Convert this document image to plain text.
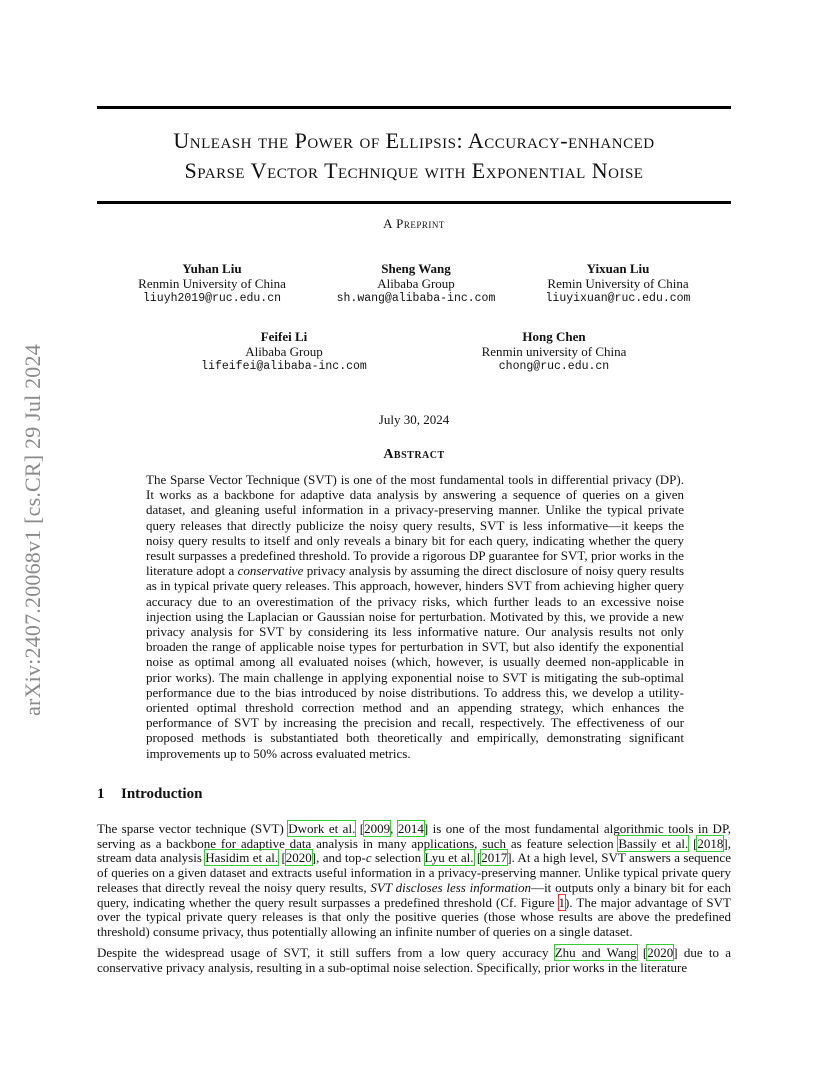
arXiv:2407.20068v1 [cs.CR] 29 Jul 2024
Unleash the Power of Ellipsis: Accuracy-enhanced
Sparse Vector Technique with Exponential Noise
A Preprint
Yuhan Liu
Renmin University of China
liuyh2019@ruc.edu.cn
Sheng Wang
Alibaba Group
sh.wang@alibaba-inc.com
Yixuan Liu
Remin University of China
liuyixuan@ruc.edu.com
Feifei Li
Alibaba Group
lifeifei@alibaba-inc.com
Hong Chen
Renmin university of China
chong@ruc.edu.cn
July 30, 2024
Abstract
The Sparse Vector Technique (SVT) is one of the most fundamental tools in differential privacy (DP). It works as a backbone for adaptive data analysis by answering a sequence of queries on a given dataset, and gleaning useful information in a privacy-preserving manner. Unlike the typical private query releases that directly publicize the noisy query results, SVT is less informative—it keeps the noisy query results to itself and only reveals a binary bit for each query, indicating whether the query result surpasses a predefined threshold. To provide a rigorous DP guarantee for SVT, prior works in the literature adopt a conservative privacy analysis by assuming the direct disclosure of noisy query results as in typical private query releases. This approach, however, hinders SVT from achieving higher query accuracy due to an overestimation of the privacy risks, which further leads to an excessive noise injection using the Laplacian or Gaussian noise for perturbation. Motivated by this, we provide a new privacy analysis for SVT by considering its less informative nature. Our analysis results not only broaden the range of applicable noise types for perturbation in SVT, but also identify the exponential noise as optimal among all evaluated noises (which, however, is usually deemed non-applicable in prior works). The main challenge in applying exponential noise to SVT is mitigating the sub-optimal performance due to the bias introduced by noise distributions. To address this, we develop a utility-oriented optimal threshold correction method and an appending strategy, which enhances the performance of SVT by increasing the precision and recall, respectively. The effectiveness of our proposed methods is substantiated both theoretically and empirically, demonstrating significant improvements up to 50% across evaluated metrics.
1 Introduction
The sparse vector technique (SVT) Dwork et al. [2009, 2014] is one of the most fundamental algorithmic tools in DP, serving as a backbone for adaptive data analysis in many applications, such as feature selection Bassily et al. [2018], stream data analysis Hasidim et al. [2020], and top-c selection Lyu et al. [2017]. At a high level, SVT answers a sequence of queries on a given dataset and extracts useful information in a privacy-preserving manner. Unlike typical private query releases that directly reveal the noisy query results, SVT discloses less information—it outputs only a binary bit for each query, indicating whether the query result surpasses a predefined threshold (Cf. Figure 1). The major advantage of SVT over the typical private query releases is that only the positive queries (those whose results are above the predefined threshold) consume privacy, thus potentially allowing an infinite number of queries on a single dataset.
Despite the widespread usage of SVT, it still suffers from a low query accuracy Zhu and Wang [2020] due to a conservative privacy analysis, resulting in a sub-optimal noise selection. Specifically, prior works in the literature
